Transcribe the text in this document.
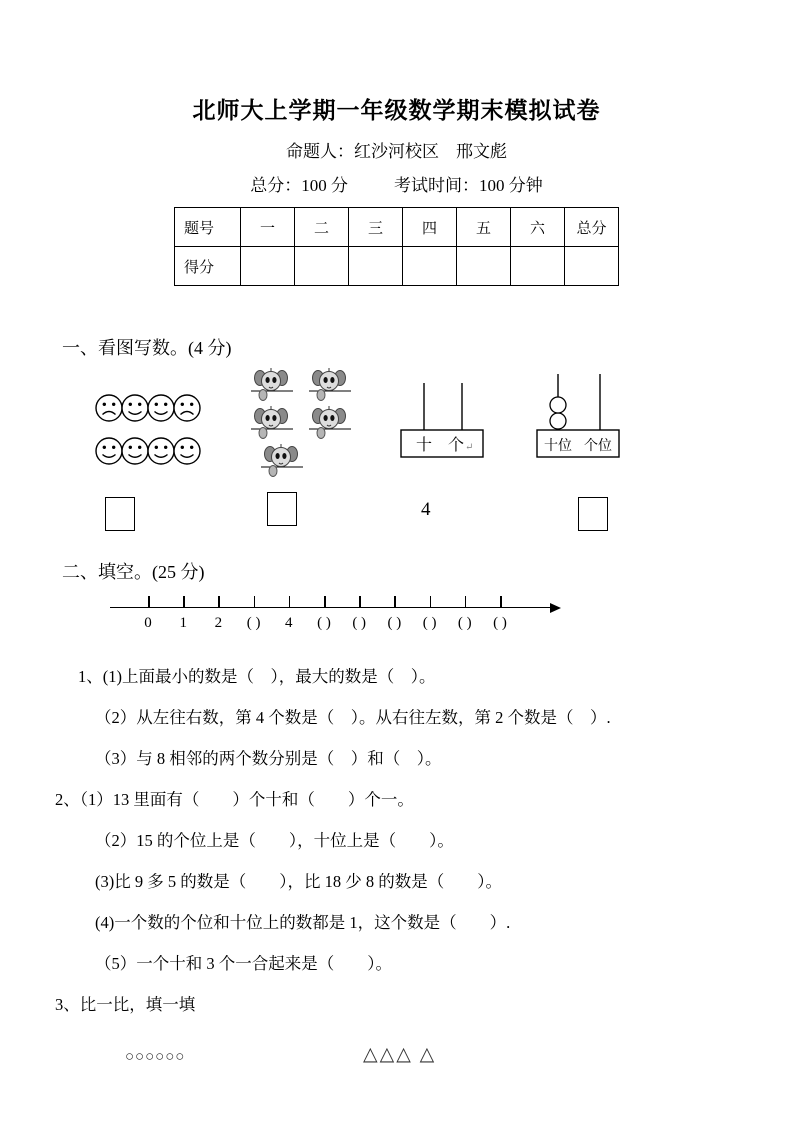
北师大上学期一年级数学期末模拟试卷
命题人：红沙河校区　邢文彪
总分：100 分	考试时间：100 分钟
题号	一	二	三	四	五	六	总分
得分							
一、看图写数。(4 分)
十 个 ↵	十位 个位
4
二、填空。(25 分)
0	1	2	( )	4	( )	( )	( )	( )	( )	( )
1、(1)上面最小的数是（　），最大的数是（　）。
（2）从左往右数，第 4 个数是（　）。从右往左数，第 2 个数是（　）.
（3）与 8 相邻的两个数分别是（　）和（　）。
2、（1）13 里面有（　　）个十和（　　）个一。
（2）15 的个位上是（　　），十位上是（　　）。
(3)比 9 多 5 的数是（　　），比 18 少 8 的数是（　　）。
(4)一个数的个位和十位上的数都是 1，这个数是（　　）.
（5）一个十和 3 个一合起来是（　　）。
3、比一比，填一填
○○○○○○	△△△ △
